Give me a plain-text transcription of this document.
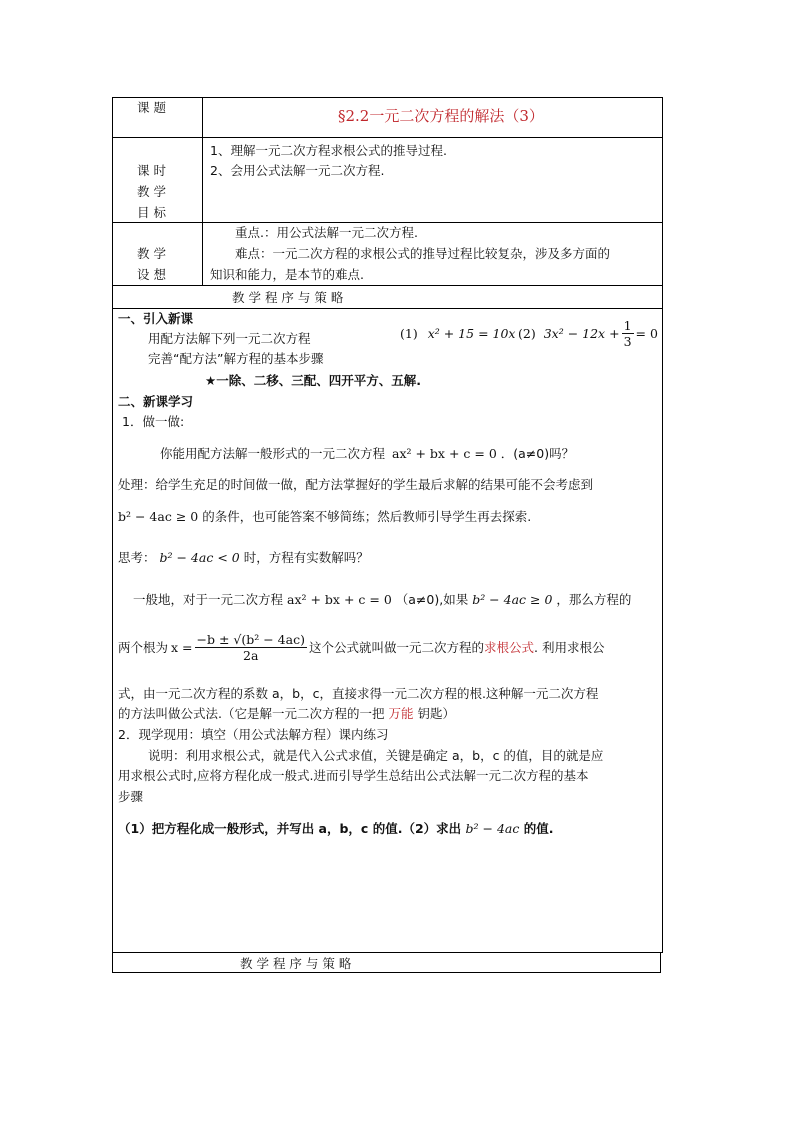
课 题	§2.2一元二次方程的解法（3）
课 时
教 学
目 标
1、理解一元二次方程求根公式的推导过程.
2、会用公式法解一元二次方程.
教 学
设 想
重点.：用公式法解一元二次方程.
难点：一元二次方程的求根公式的推导过程比较复杂，涉及多方面的
知识和能力，是本节的难点.
教 学 程 序 与 策 略
一、引入新课
用配方法解下列一元二次方程	(1) x² + 15 = 10x (2) $3x^2 - 12x + \frac{1}{3} = 0$
完善“配方法”解方程的基本步骤
★一除、二移、三配、四开平方、五解.
二、新课学习
1．做一做:
你能用配方法解一般形式的一元二次方程 ax² + bx + c = 0 ．(a≠0)吗？
处理：给学生充足的时间做一做，配方法掌握好的学生最后求解的结果可能不会考虑到
b² − 4ac ≥ 0 的条件，也可能答案不够简练；然后教师引导学生再去探索.
思考： b² − 4ac < 0 时，方程有实数解吗？
一般地，对于一元二次方程 ax² + bx + c = 0 （a≠0),如果 b² − 4ac ≥ 0 ，那么方程的
两个根为 $x = \frac{\text{−b ± √(b² − 4ac)}}{2a}$ 这个公式就叫做一元二次方程的 求根公式 . 利用求根公
式，由一元二次方程的系数 a，b，c，直接求得一元二次方程的根.这种解一元二次方程
的方法叫做公式法.（它是解一元二次方程的一把 万能 钥匙）
2．现学现用：填空（用公式法解方程）课内练习
说明：利用求根公式，就是代入公式求值，关键是确定 a，b，c 的值，目的就是应
用求根公式时,应将方程化成一般式.进而引导学生总结出公式法解一元二次方程的基本
步骤
（1）把方程化成一般形式，并写出 a，b，c 的值.（2）求出 b² − 4ac 的值.
教 学 程 序 与 策 略
